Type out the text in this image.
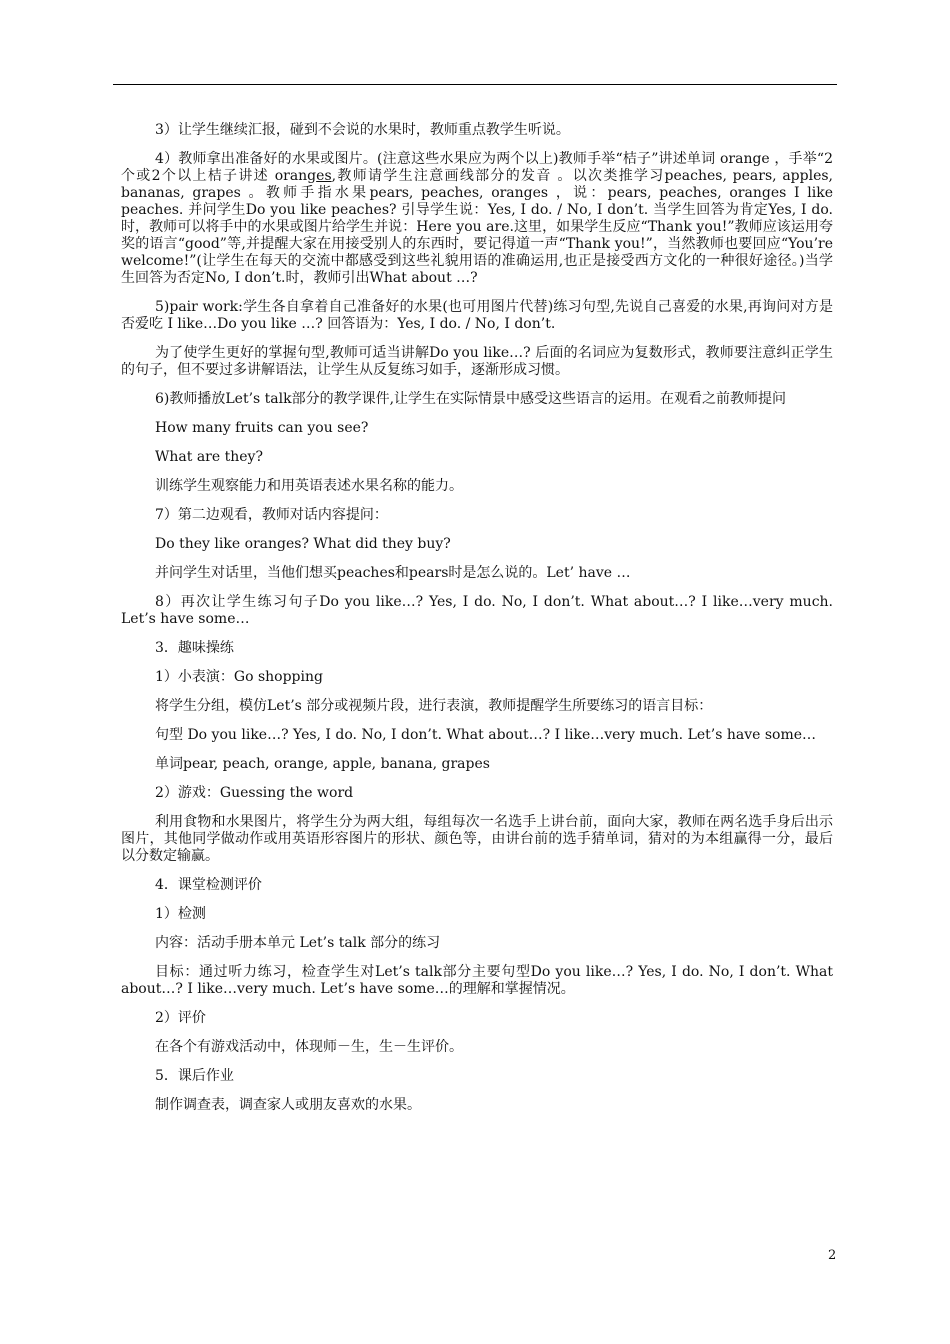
3）让学生继续汇报，碰到不会说的水果时，教师重点教学生听说。

4）教师拿出准备好的水果或图片。(注意这些水果应为两个以上)教师手举“桔子”讲述单词 orange ，手举“2个或2个以上桔子讲述 oranges,教师请学生注意画线部分的发音 。以次类推学习peaches, pears, apples, bananas, grapes 。教师手指水果pears, peaches, oranges ，说：pears, peaches, oranges I like peaches. 并问学生Do you like peaches? 引导学生说：Yes, I do. / No, I don’t. 当学生回答为肯定Yes, I do. 时，教师可以将手中的水果或图片给学生并说：Here you are.这里，如果学生反应“Thank you!”教师应该运用夸奖的语言“good”等,并提醒大家在用接受别人的东西时，要记得道一声“Thank you!”，当然教师也要回应“You’re welcome!”(让学生在每天的交流中都感受到这些礼貌用语的准确运用,也正是接受西方文化的一种很好途径。)当学生回答为否定No, I don’t.时，教师引出What about …?

5)pair work:学生各自拿着自己准备好的水果(也可用图片代替)练习句型,先说自己喜爱的水果,再询问对方是否爱吃 I like…Do you like …? 回答语为：Yes, I do. / No, I don’t.

为了使学生更好的掌握句型,教师可适当讲解Do you like…? 后面的名词应为复数形式，教师要注意纠正学生的句子，但不要过多讲解语法，让学生从反复练习如手，逐渐形成习惯。

6)教师播放Let’s talk部分的教学课件,让学生在实际情景中感受这些语言的运用。在观看之前教师提问

How many fruits can you see?

What are they?

训练学生观察能力和用英语表述水果名称的能力。

7）第二边观看，教师对话内容提问：

Do they like oranges? What did they buy?

并问学生对话里，当他们想买peaches和pears时是怎么说的。Let’ have …

8）再次让学生练习句子Do you like…? Yes, I do. No, I don’t. What about…? I like…very much. Let’s have some…

3．趣味操练

1）小表演：Go shopping

将学生分组，模仿Let’s 部分或视频片段，进行表演，教师提醒学生所要练习的语言目标：

句型 Do you like…? Yes, I do. No, I don’t. What about…? I like…very much. Let’s have some…

单词pear, peach, orange, apple, banana, grapes

2）游戏：Guessing the word

利用食物和水果图片，将学生分为两大组，每组每次一名选手上讲台前，面向大家，教师在两名选手身后出示图片，其他同学做动作或用英语形容图片的形状、颜色等，由讲台前的选手猜单词，猜对的为本组赢得一分，最后以分数定输赢。

4．课堂检测评价

1）检测

内容：活动手册本单元 Let’s talk 部分的练习

目标：通过听力练习，检查学生对Let’s talk部分主要句型Do you like…? Yes, I do. No, I don’t. What about…? I like…very much. Let’s have some…的理解和掌握情况。

2）评价

在各个有游戏活动中，体现师－生，生－生评价。

5．课后作业

制作调查表，调查家人或朋友喜欢的水果。

2
